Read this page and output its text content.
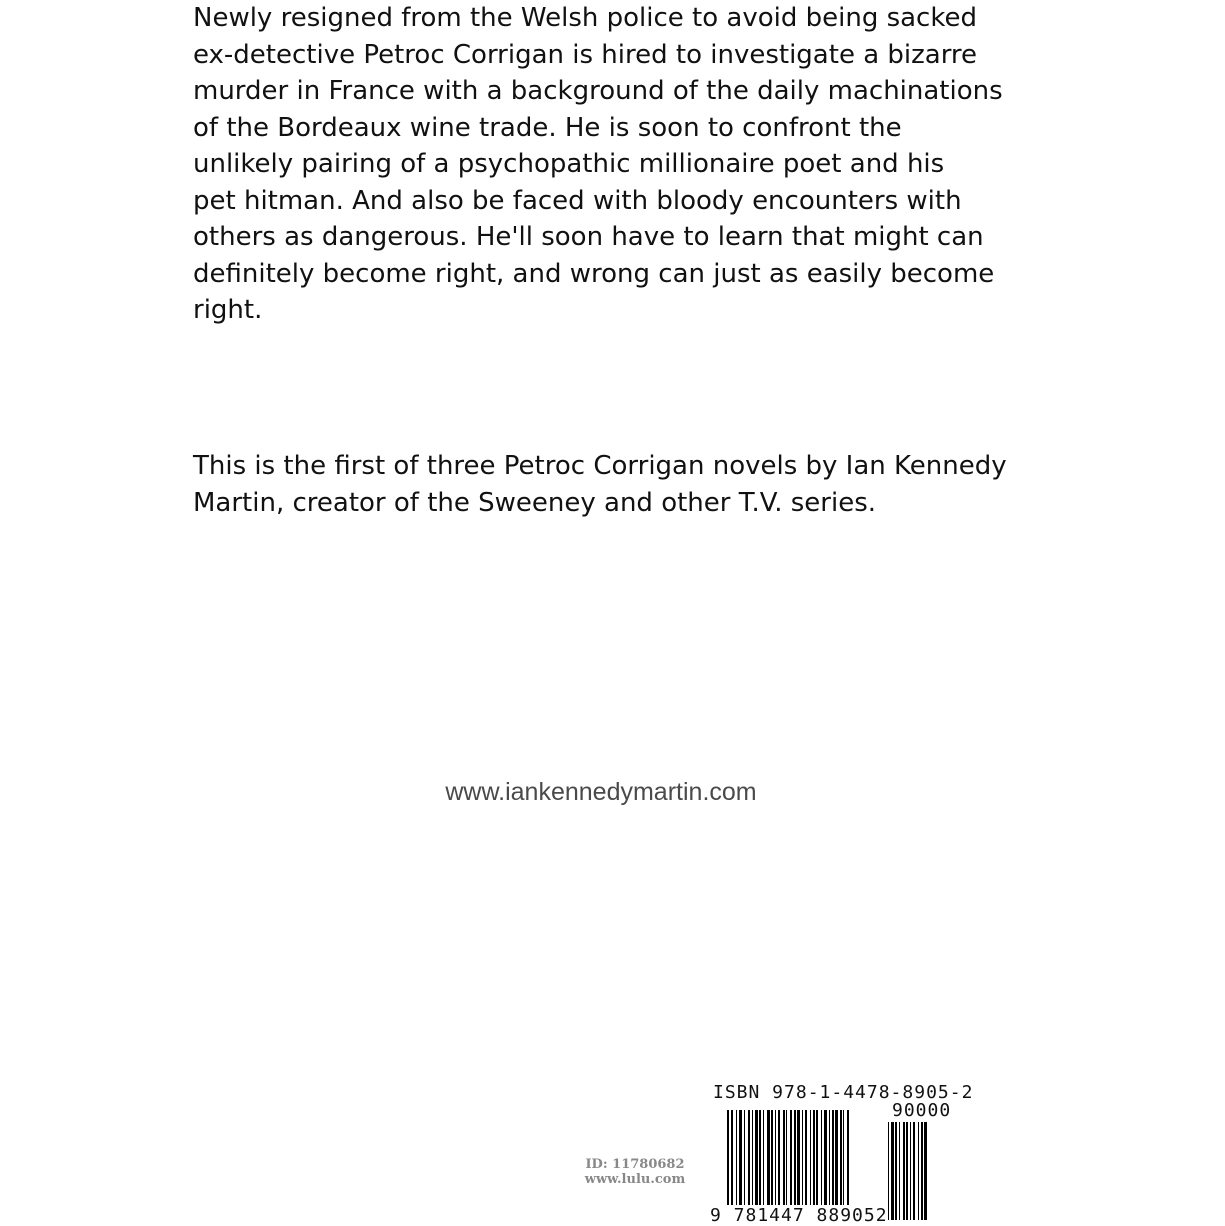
Newly resigned from the Welsh police to avoid being sacked
ex-detective Petroc Corrigan is hired to investigate a bizarre
murder in France with a background of the daily machinations
of the Bordeaux wine trade. He is soon to confront the
unlikely pairing of a psychopathic millionaire poet and his
pet hitman. And also be faced with bloody encounters with
others as dangerous. He'll soon have to learn that might can
definitely become right, and wrong can just as easily become
right.

This is the first of three Petroc Corrigan novels by Ian Kennedy
Martin, creator of the Sweeney and other T.V. series.

www.iankennedymartin.com

ID: 11780682
www.lulu.com
ISBN 978-1-4478-8905-2
90000
9 781447 889052
